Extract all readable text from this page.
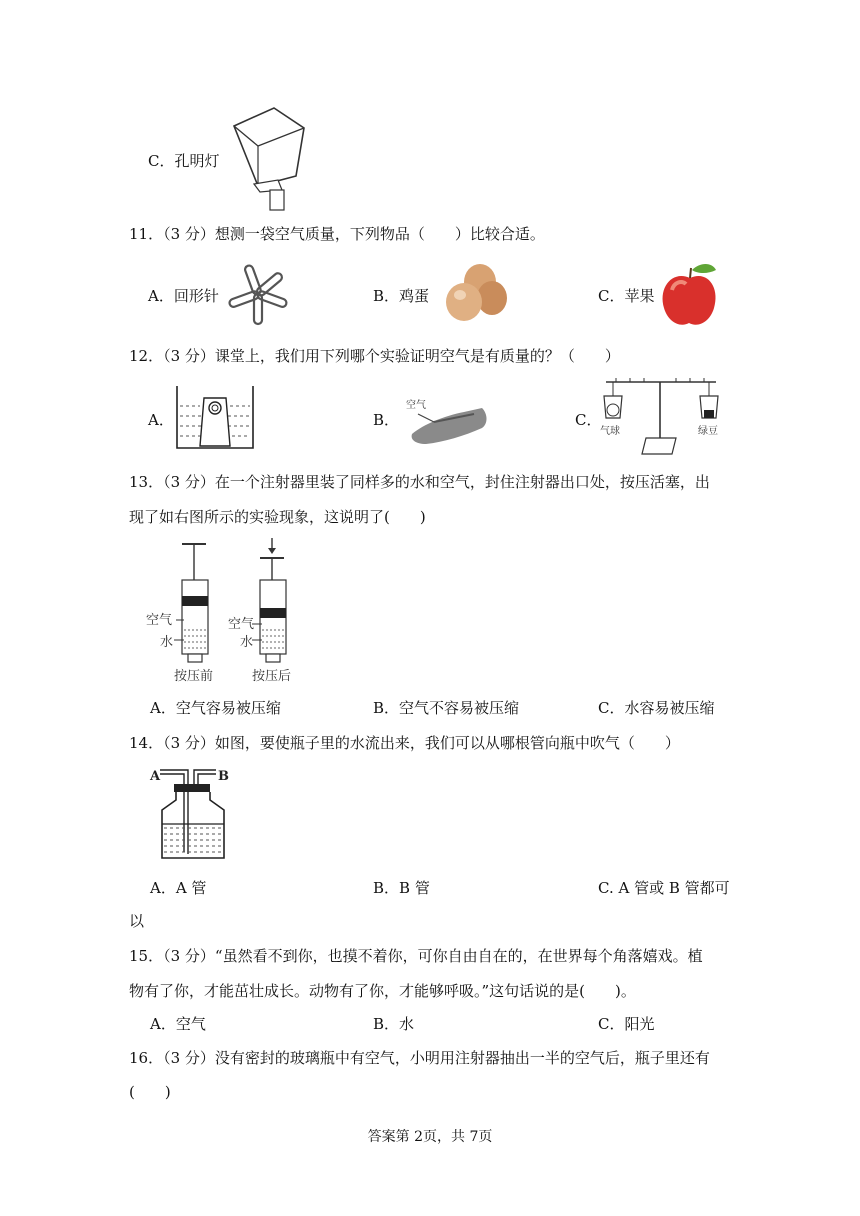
C．孔明灯
11．（3 分）想测一袋空气质量，下列物品（　　）比较合适。
A．回形针	B．鸡蛋	C．苹果
12．（3 分）课堂上，我们用下列哪个实验证明空气是有质量的？（　　）
A．	B．
空气
C．
气球	绿豆
13．（3 分）在一个注射器里装了同样多的水和空气，封住注射器出口处，按压活塞，出
现了如右图所示的实验现象，这说明了(　　)
空气
水
空气
水
按压前	按压后
A．空气容易被压缩	B．空气不容易被压缩	C．水容易被压缩
14．（3 分）如图，要使瓶子里的水流出来，我们可以从哪根管向瓶中吹气（　　）
A	B
A．A 管	B．B 管	C. A 管或 B 管都可
以
15．（3 分）“虽然看不到你，也摸不着你，可你自由自在的，在世界每个角落嬉戏。植
物有了你，才能茁壮成长。动物有了你，才能够呼吸。”这句话说的是(　　)。
A．空气	B．水	C．阳光
16．（3 分）没有密封的玻璃瓶中有空气，小明用注射器抽出一半的空气后，瓶子里还有
(　　)
答案第 2页，共 7页
